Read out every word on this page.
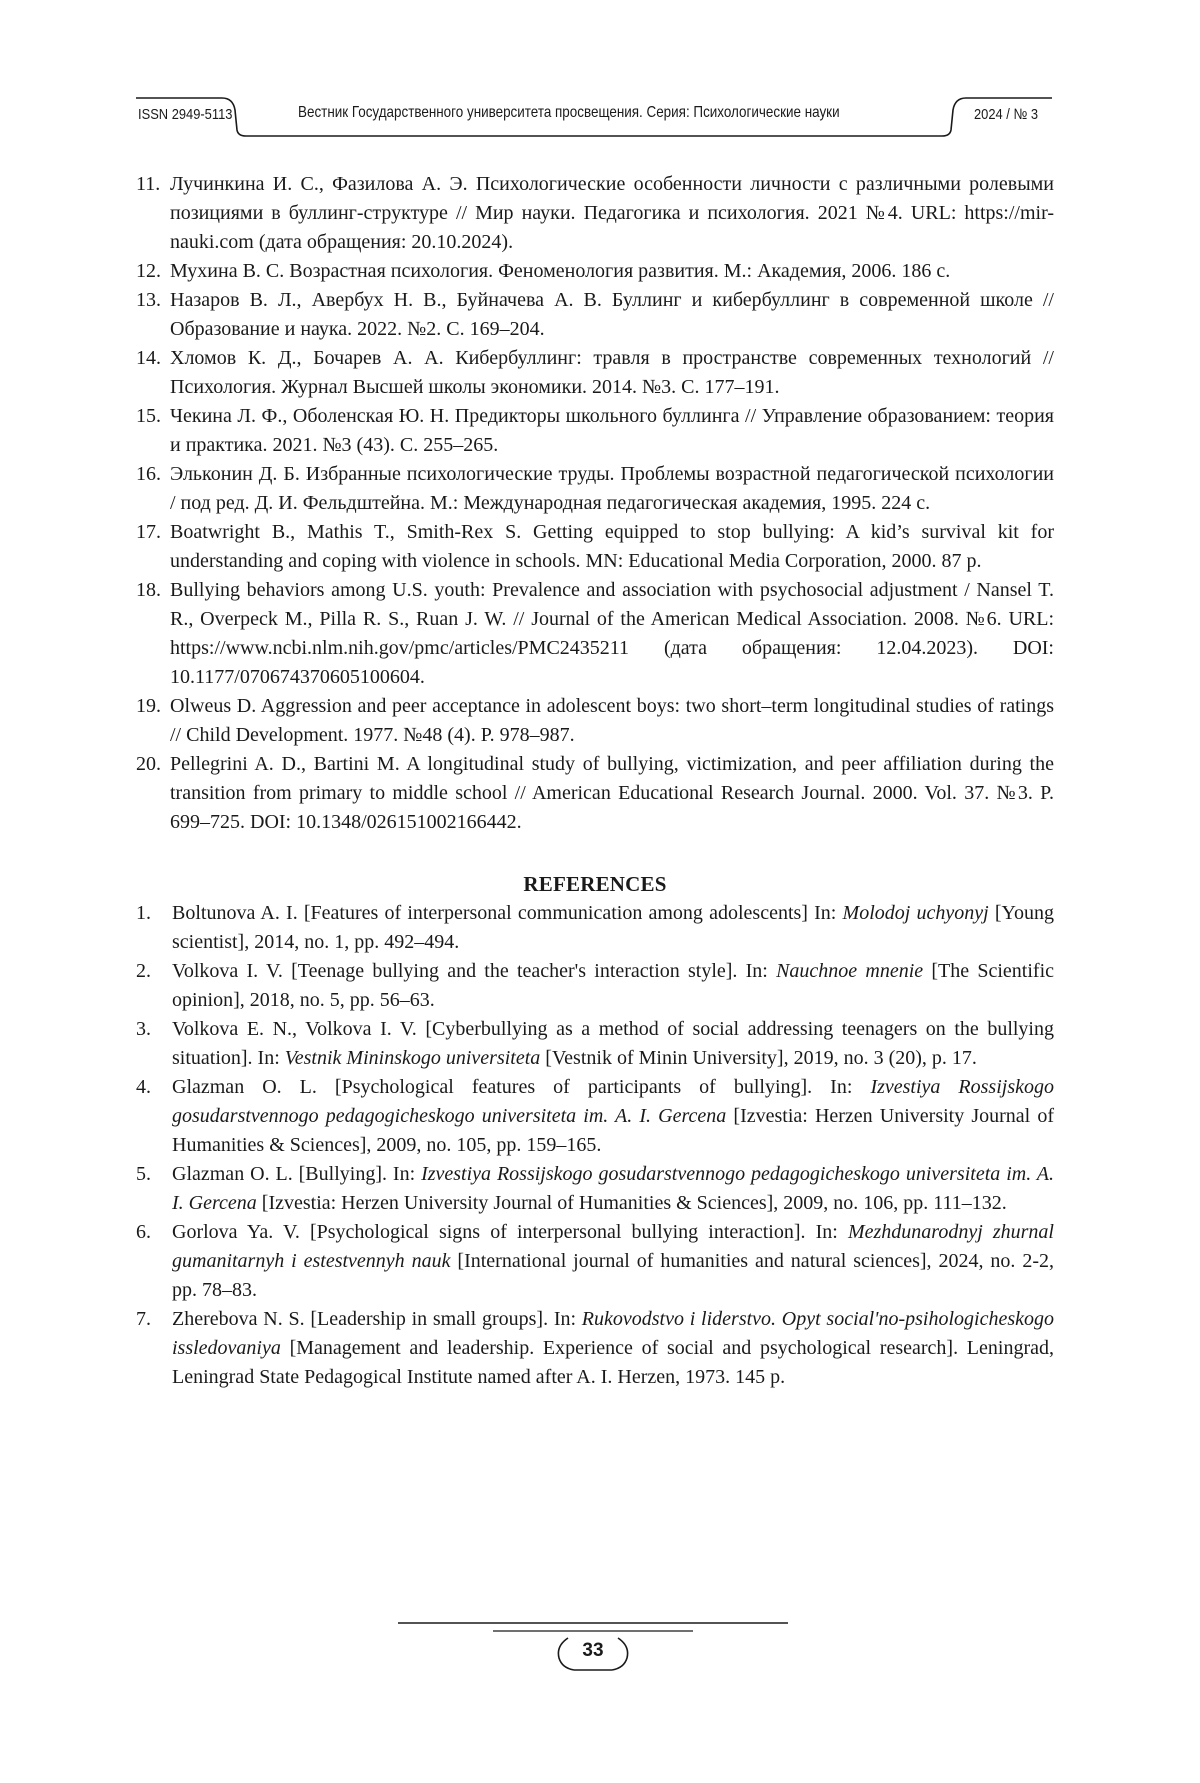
ISSN 2949-5113	Вестник Государственного университета просвещения. Серия: Психологические науки	2024 / № 3

11. Лучинкина И. С., Фазилова А. Э. Психологические особенности личности с различными ролевыми позициями в буллинг-структуре // Мир науки. Педагогика и психология. 2021 №4. URL: https://mir-nauki.com (дата обращения: 20.10.2024).

12. Мухина В. С. Возрастная психология. Феноменология развития. М.: Академия, 2006. 186 с.

13. Назаров В. Л., Авербух Н. В., Буйначева А. В. Буллинг и кибербуллинг в современной школе // Образование и наука. 2022. №2. С. 169–204.

14. Хломов К. Д., Бочарев А. А. Кибербуллинг: травля в пространстве современных технологий // Психология. Журнал Высшей школы экономики. 2014. №3. С. 177–191.

15. Чекина Л. Ф., Оболенская Ю. Н. Предикторы школьного буллинга // Управление образованием: теория и практика. 2021. №3 (43). С. 255–265.

16. Эльконин Д. Б. Избранные психологические труды. Проблемы возрастной педагогической психологии / под ред. Д. И. Фельдштейна. М.: Международная педагогическая академия, 1995. 224 с.

17. Boatwright B., Mathis T., Smith-Rex S. Getting equipped to stop bullying: A kid’s survival kit for understanding and coping with violence in schools. MN: Educational Media Corporation, 2000. 87 p.

18. Bullying behaviors among U.S. youth: Prevalence and association with psychosocial adjustment / Nansel T. R., Overpeck M., Pilla R. S., Ruan J. W. // Journal of the American Medical Association. 2008. №6. URL: https://www.ncbi.nlm.nih.gov/pmc/articles/PMC2435211 (дата обращения: 12.04.2023). DOI: 10.1177/070674370605100604.

19. Olweus D. Aggression and peer acceptance in adolescent boys: two short–term longitudinal studies of ratings // Child Development. 1977. №48 (4). P. 978–987.

20. Pellegrini A. D., Bartini M. A longitudinal study of bullying, victimization, and peer affiliation during the transition from primary to middle school // American Educational Research Journal. 2000. Vol. 37. №3. P. 699–725. DOI: 10.1348/026151002166442.

REFERENCES

1. Boltunova A. I. [Features of interpersonal communication among adolescents] In: Molodoj uchyonyj [Young scientist], 2014, no. 1, pp. 492–494.

2. Volkova I. V. [Teenage bullying and the teacher's interaction style]. In: Nauchnoe mnenie [The Scientific opinion], 2018, no. 5, pp. 56–63.

3. Volkova E. N., Volkova I. V. [Cyberbullying as a method of social addressing teenagers on the bullying situation]. In: Vestnik Mininskogo universiteta [Vestnik of Minin University], 2019, no. 3 (20), p. 17.

4. Glazman O. L. [Psychological features of participants of bullying]. In: Izvestiya Rossijskogo gosudarstvennogo pedagogicheskogo universiteta im. A. I. Gercena [Izvestia: Herzen University Journal of Humanities & Sciences], 2009, no. 105, pp. 159–165.

5. Glazman O. L. [Bullying]. In: Izvestiya Rossijskogo gosudarstvennogo pedagogicheskogo universiteta im. A. I. Gercena [Izvestia: Herzen University Journal of Humanities & Sciences], 2009, no. 106, pp. 111–132.

6. Gorlova Ya. V. [Psychological signs of interpersonal bullying interaction]. In: Mezhdunarodnyj zhurnal gumanitarnyh i estestvennyh nauk [International journal of humanities and natural sciences], 2024, no. 2-2, pp. 78–83.

7. Zherebova N. S. [Leadership in small groups]. In: Rukovodstvo i liderstvo. Opyt social'no-psihologicheskogo issledovaniya [Management and leadership. Experience of social and psychological research]. Leningrad, Leningrad State Pedagogical Institute named after A. I. Herzen, 1973. 145 p.

33
